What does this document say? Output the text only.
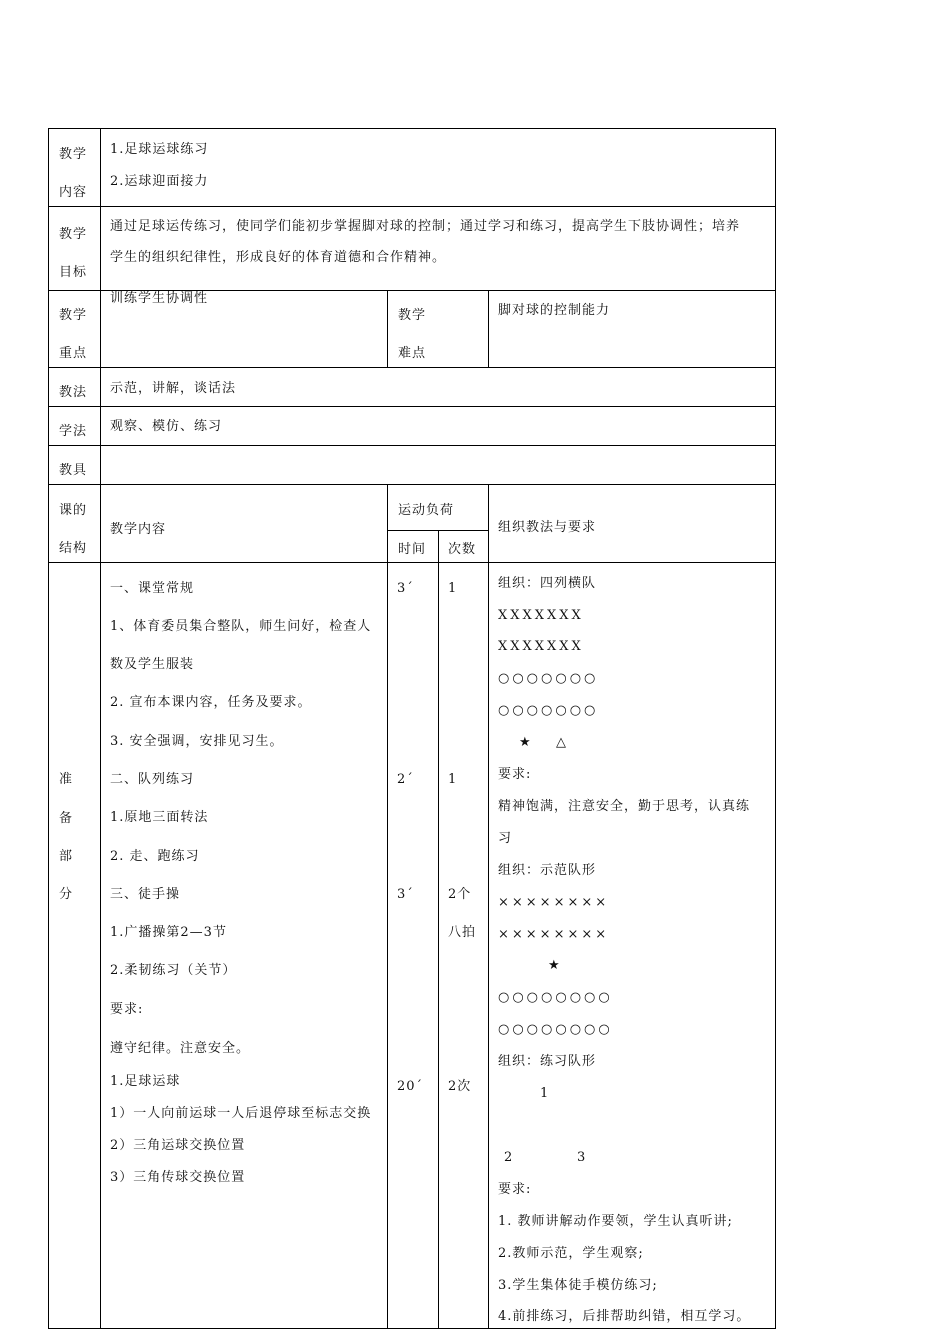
教学
内容
1.足球运球练习
2.运球迎面接力
教学
目标
通过足球运传练习，使同学们能初步掌握脚对球的控制；通过学习和练习，提高学生下肢协调性；培养
学生的组织纪律性，形成良好的体育道德和合作精神。
教学
重点
训练学生协调性
教学
难点
脚对球的控制能力
教法 示范，讲解，谈话法
学法 观察、模仿、练习
教具
课的
结构
教学内容
运动负荷
时间 次数
组织教法与要求
准
备
部
分
一、课堂常规
1、体育委员集合整队，师生问好，检查人
数及学生服装
2. 宣布本课内容，任务及要求。
3. 安全强调，安排见习生。
二、队列练习
1.原地三面转法
2. 走、跑练习
三、徒手操
1.广播操第2—3节
2.柔韧练习（关节）
要求:
遵守纪律。注意安全。
1.足球运球
1）一人向前运球一人后退停球至标志交换
2）三角运球交换位置
3）三角传球交换位置
3´
2´
3´
20´
1
1
2个
八拍
2次
组织：四列横队
XXXXXXX
XXXXXXX
○○○○○○○
○○○○○○○
★ △
要求:
精神饱满，注意安全，勤于思考，认真练
习
组织：示范队形
××××××××
××××××××
★
○○○○○○○○
○○○○○○○○
组织：练习队形
1
2	3
要求:
1. 教师讲解动作要领，学生认真听讲;
2.教师示范，学生观察;
3.学生集体徒手模仿练习;
4.前排练习，后排帮助纠错，相互学习。
